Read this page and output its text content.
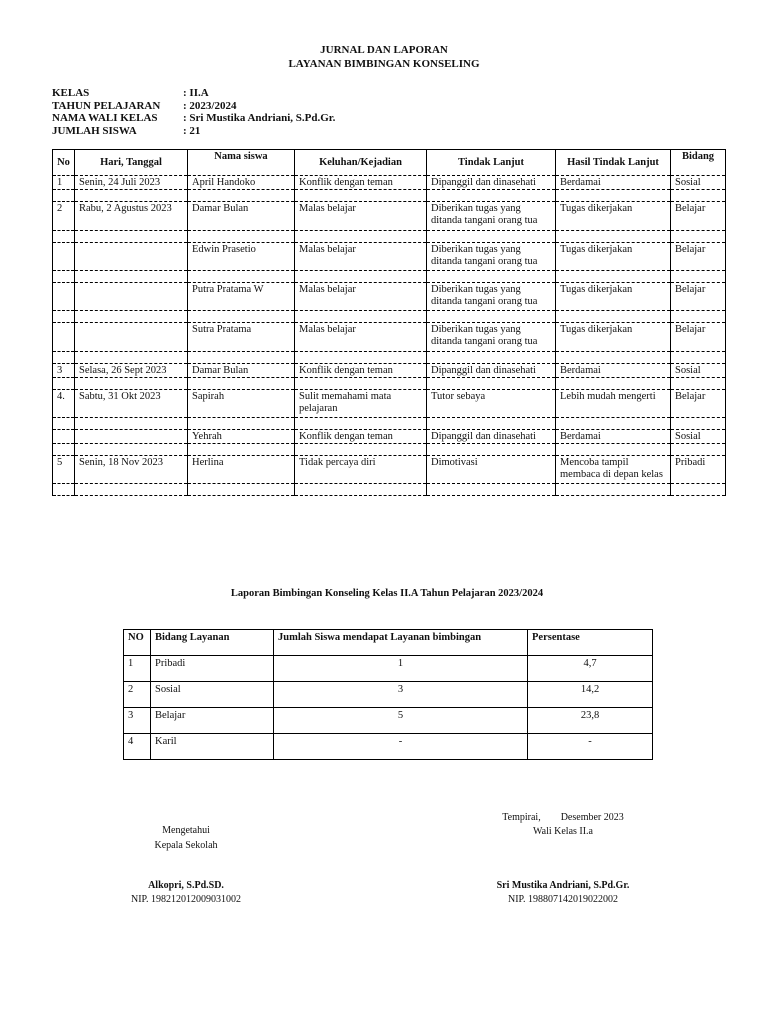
JURNAL DAN LAPORAN
LAYANAN BIMBINGAN KONSELING
KELAS	: II.A
TAHUN PELAJARAN	: 2023/2024
NAMA WALI KELAS	: Sri Mustika Andriani, S.Pd.Gr.
JUMLAH SISWA	: 21
No	Hari, Tanggal	Nama siswa	Keluhan/Kejadian	Tindak Lanjut	Hasil Tindak Lanjut	Bidang
1	Senin, 24 Juli 2023	April Handoko	Konflik dengan teman	Dipanggil dan dinasehati	Berdamai	Sosial

2	Rabu, 2 Agustus 2023	Damar Bulan	Malas belajar	Diberikan tugas yang ditanda tangani orang tua	Tugas dikerjakan	Belajar

		Edwin Prasetio	Malas belajar	Diberikan tugas yang ditanda tangani orang tua	Tugas dikerjakan	Belajar

		Putra Pratama W	Malas belajar	Diberikan tugas yang ditanda tangani orang tua	Tugas dikerjakan	Belajar

		Sutra Pratama	Malas belajar	Diberikan tugas yang ditanda tangani orang tua	Tugas dikerjakan	Belajar

3	Selasa, 26 Sept 2023	Damar Bulan	Konflik dengan teman	Dipanggil dan dinasehati	Berdamai	Sosial

4.	Sabtu, 31 Okt 2023	Sapirah	Sulit memahami mata pelajaran	Tutor sebaya	Lebih mudah mengerti	Belajar

		Yehrah	Konflik dengan teman	Dipanggil dan dinasehati	Berdamai	Sosial

5	Senin, 18 Nov 2023	Herlina	Tidak percaya diri	Dimotivasi	Mencoba tampil membaca di depan kelas	Pribadi

Laporan Bimbingan Konseling Kelas II.A Tahun Pelajaran 2023/2024
NO	Bidang Layanan	Jumlah Siswa mendapat Layanan bimbingan	Persentase
1	Pribadi	1	4,7
2	Sosial	3	14,2
3	Belajar	5	23,8
4	Karil	-	-
Mengetahui
Kepala Sekolah
Alkopri, S.Pd.SD.
NIP. 198212012009031002
Tempirai,        Desember 2023
Wali Kelas II.a
Sri Mustika Andriani, S.Pd.Gr.
NIP. 198807142019022002
